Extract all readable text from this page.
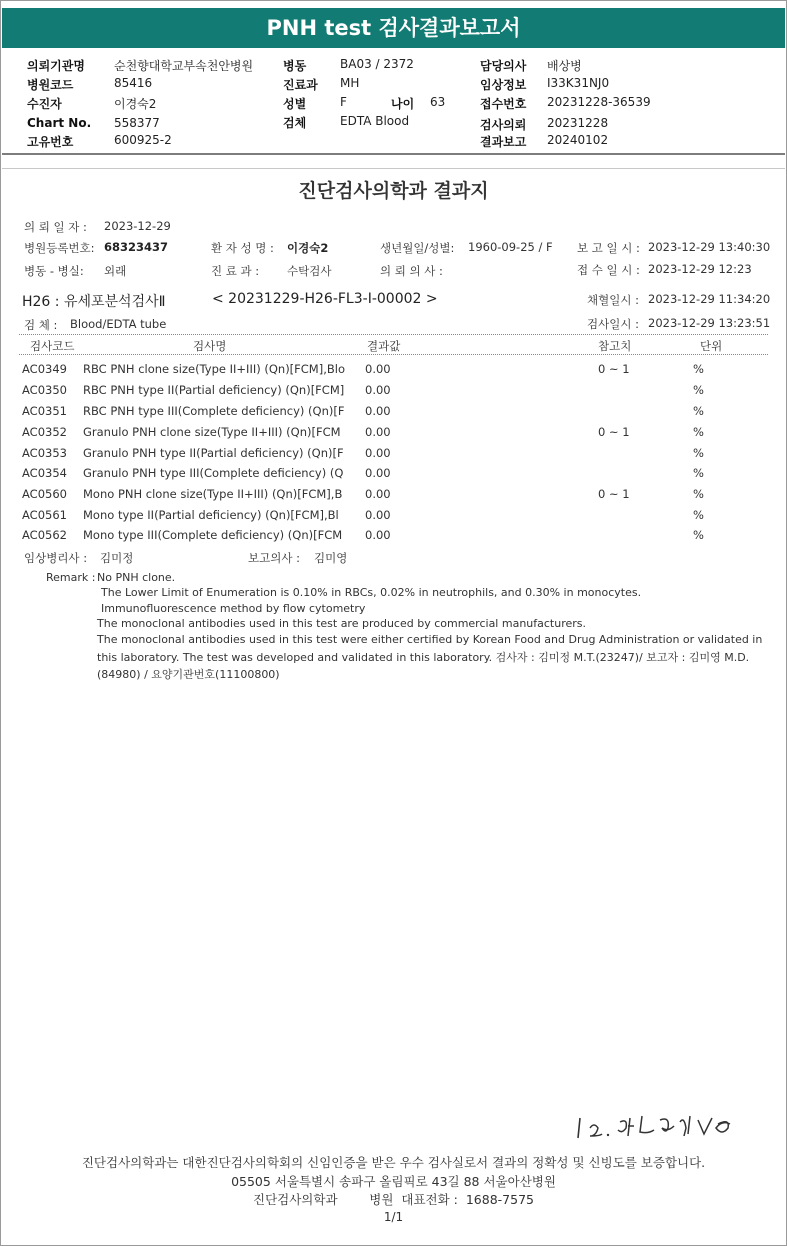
PNH test 검사결과보고서
의뢰기관명 순천향대학교부속천안병원
병원코드	85416
수진자	이경숙2
Chart No. 558377
고유번호	600925-2
병동	BA03 / 2372
진료과 MH
성별	F	나이 63
검체	EDTA Blood
담당의사 배상병
임상정보 I33K31NJ0
접수번호 20231228-36539
검사의뢰 20231228
결과보고 20240102
진단검사의학과 결과지
의 뢰 일 자 : 2023-12-29
병원등록번호: 68323437	환 자 성 명 : 이경숙2	생년월일/성별: 1960-09-25 / F 보 고 일 시 : 2023-12-29 13:40:30
병동 - 병실: 외래	진 료 과 : 수탁검사	의 뢰 의 사 :	접 수 일 시 : 2023-12-29 12:23
H26 : 유세포분석검사Ⅱ	< 20231229-H26-FL3-I-00002 >	채혈일시 : 2023-12-29 11:34:20
검 체 : Blood/EDTA tube	검사일시 : 2023-12-29 13:23:51
검사코드	검사명	결과값	참고치	단위
AC0349 RBC PNH clone size(Type II+III) (Qn)[FCM],Blo 0.00	0 ~ 1	%
AC0350 RBC PNH type II(Partial deficiency) (Qn)[FCM] 0.00	%
AC0351 RBC PNH type III(Complete deficiency) (Qn)[F 0.00	%
AC0352 Granulo PNH clone size(Type II+III) (Qn)[FCM 0.00	0 ~ 1	%
AC0353 Granulo PNH type II(Partial deficiency) (Qn)[F 0.00	%
AC0354 Granulo PNH type III(Complete deficiency) (Q 0.00	%
AC0560 Mono PNH clone size(Type II+III) (Qn)[FCM],B 0.00	0 ~ 1	%
AC0561 Mono type II(Partial deficiency) (Qn)[FCM],Bl 0.00	%
AC0562 Mono type III(Complete deficiency) (Qn)[FCM 0.00	%
임상병리사 : 김미정	보고의사 : 김미영
Remark : No PNH clone.
The Lower Limit of Enumeration is 0.10% in RBCs, 0.02% in neutrophils, and 0.30% in monocytes.
Immunofluorescence method by flow cytometry
The monoclonal antibodies used in this test are produced by commercial manufacturers.
The monoclonal antibodies used in this test were either certified by Korean Food and Drug Administration or validated in
this laboratory. The test was developed and validated in this laboratory. 검사자 : 김미정 M.T.(23247)/ 보고자 : 김미영 M.D.
(84980) / 요양기관번호(11100800)
진단검사의학과는 대한진단검사의학회의 신임인증을 받은 우수 검사실로서 결과의 정확성 및 신빙도를 보증합니다.
05505 서울특별시 송파구 올림픽로 43길 88 서울아산병원
진단검사의학과        병원  대표전화 :  1688-7575
1/1
